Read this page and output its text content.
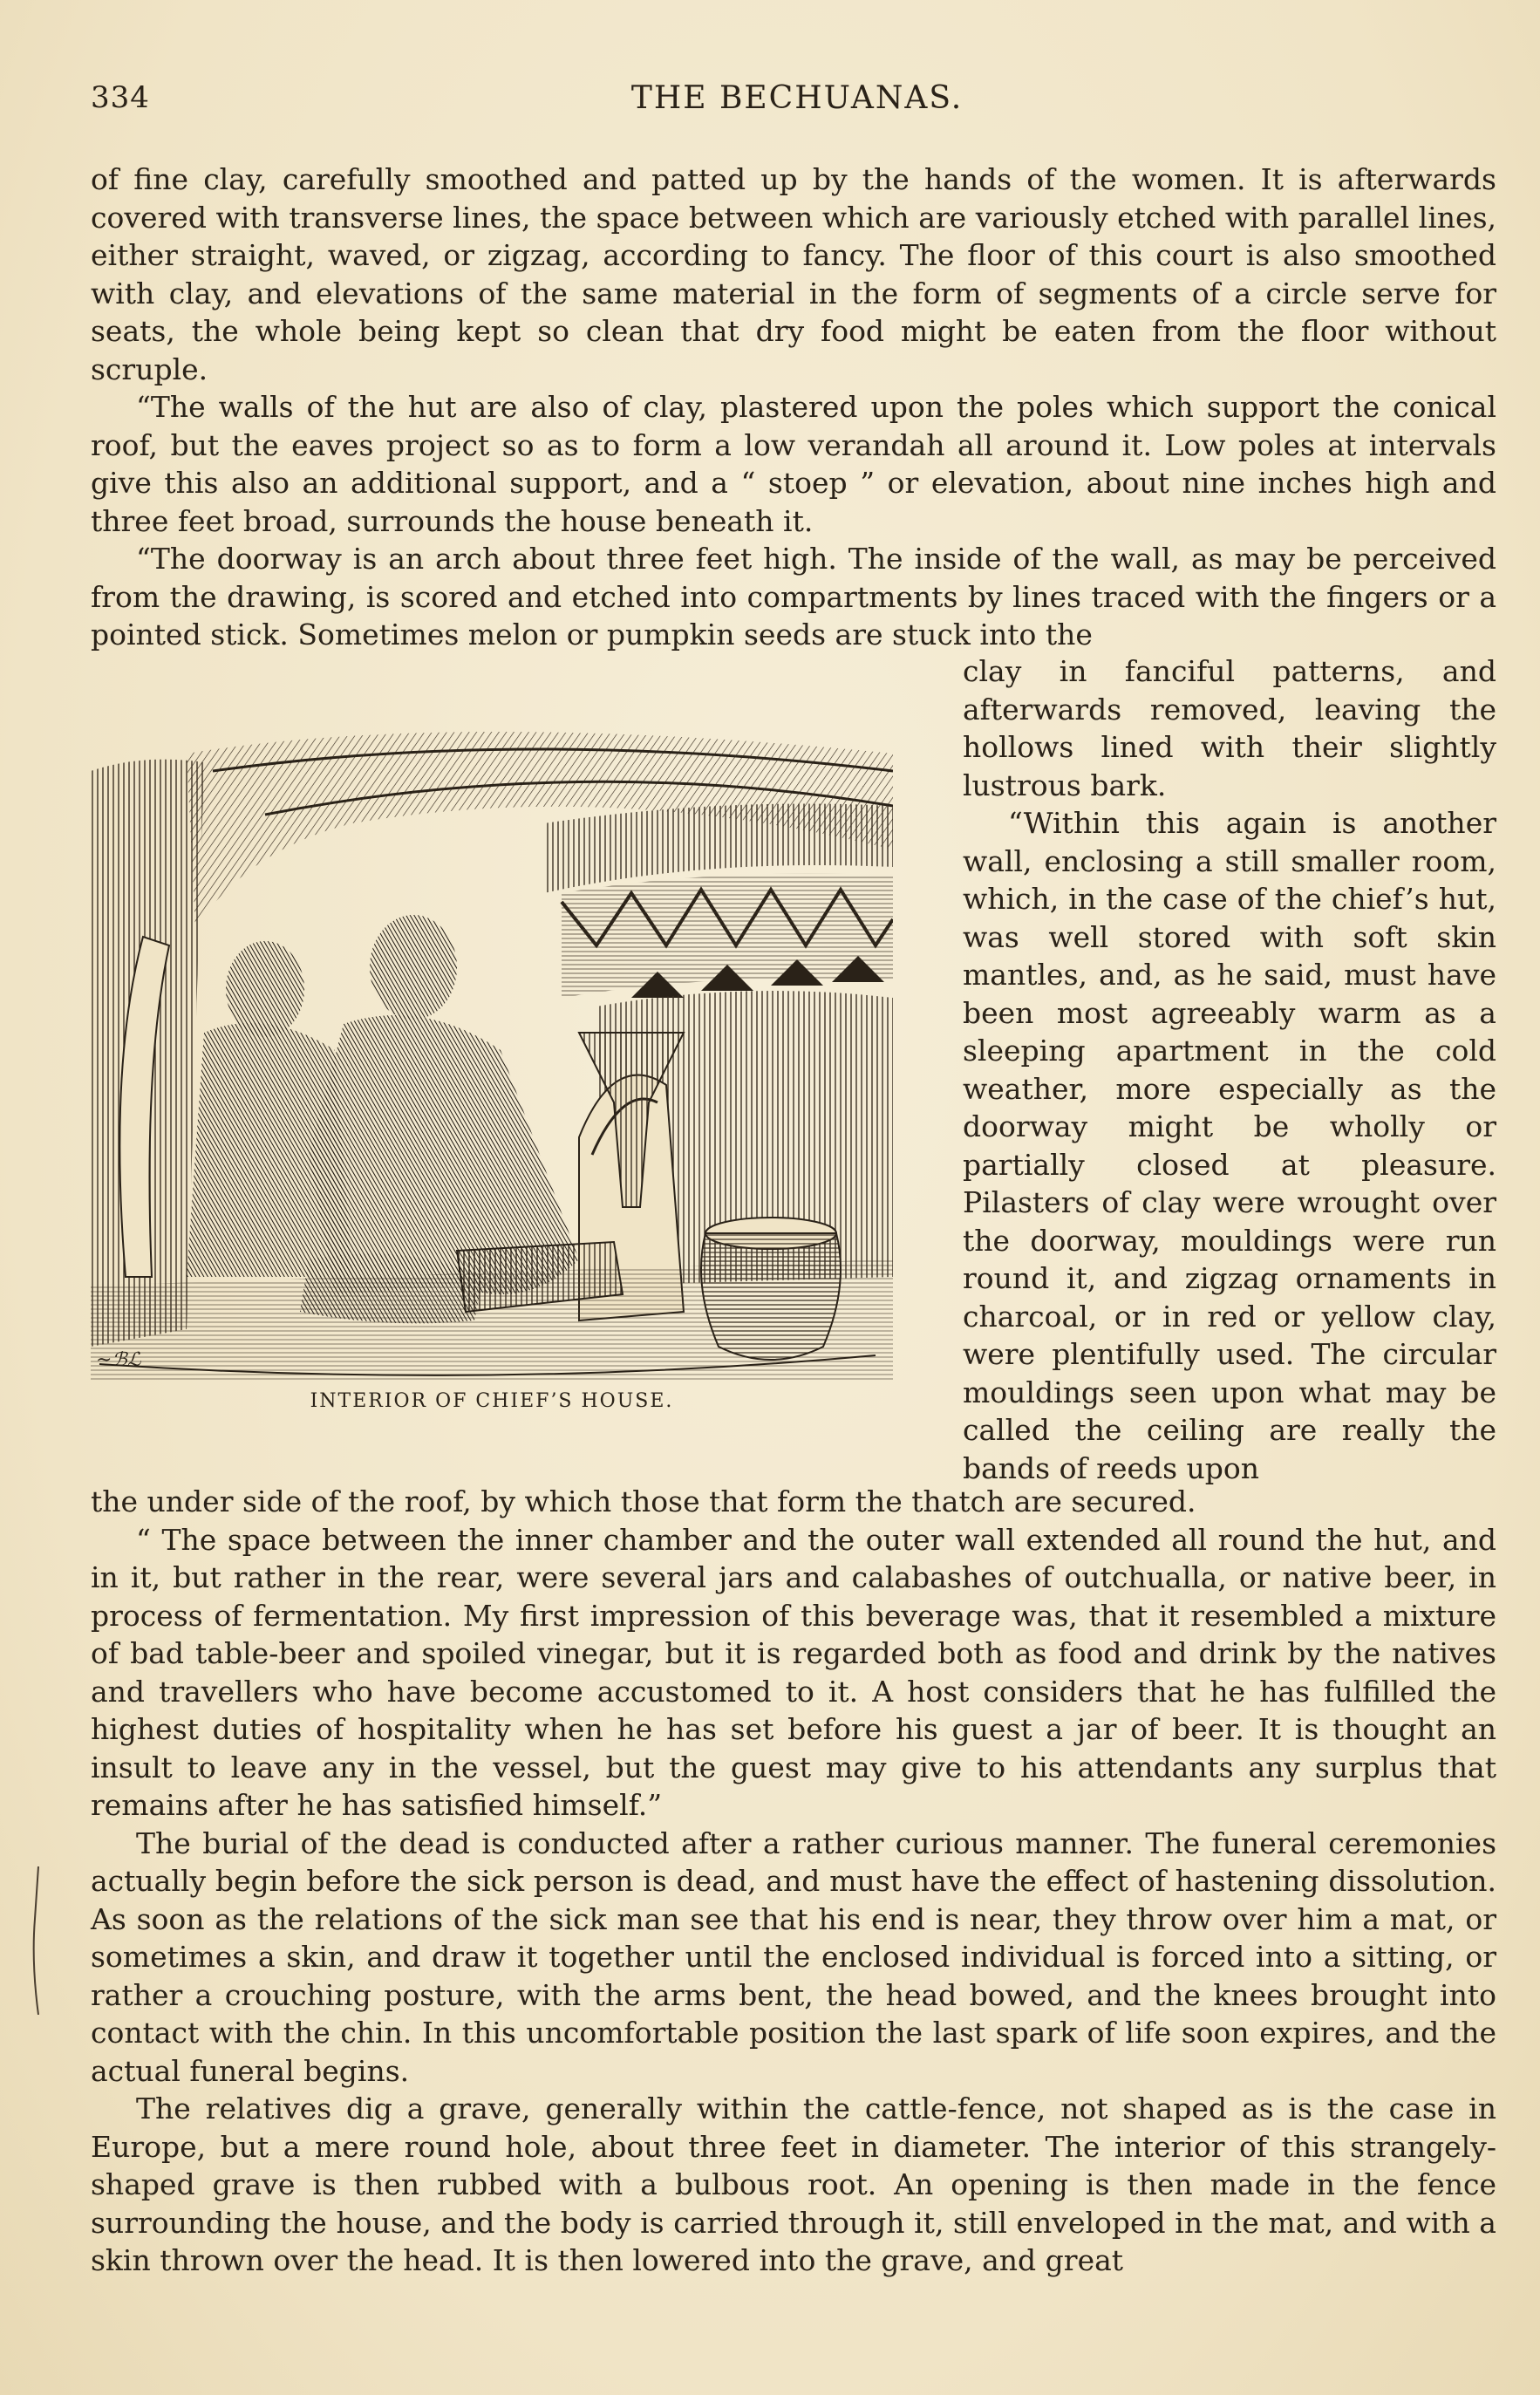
334	THE BECHUANAS.

of fine clay, carefully smoothed and patted up by the hands of the women. It is afterwards covered with transverse lines, the space between which are variously etched with parallel lines, either straight, waved, or zigzag, according to fancy. The floor of this court is also smoothed with clay, and elevations of the same material in the form of segments of a circle serve for seats, the whole being kept so clean that dry food might be eaten from the floor without scruple.

“The walls of the hut are also of clay, plastered upon the poles which support the conical roof, but the eaves project so as to form a low verandah all around it. Low poles at intervals give this also an additional support, and a “ stoep ” or elevation, about nine inches high and three feet broad, surrounds the house beneath it.

“The doorway is an arch about three feet high. The inside of the wall, as may be perceived from the drawing, is scored and etched into compartments by lines traced with the fingers or a pointed stick. Sometimes melon or pumpkin seeds are stuck into the

clay in fanciful patterns, and afterwards removed, leaving the hollows lined with their slightly lustrous bark.

“Within this again is another wall, enclosing a still smaller room, which, in the case of the chief’s hut, was well stored with soft skin mantles, and, as he said, must have been most agreeably warm as a sleeping apartment in the cold weather, more especially as the doorway might be wholly or partially closed at pleasure. Pilasters of clay were wrought over the doorway, mouldings were run round it, and zigzag ornaments in charcoal, or in red or yellow clay, were plentifully used. The circular mouldings seen upon what may be called the ceiling are really the bands of reeds upon

~ℬℒ
INTERIOR OF CHIEF’S HOUSE.

the under side of the roof, by which those that form the thatch are secured.

“ The space between the inner chamber and the outer wall extended all round the hut, and in it, but rather in the rear, were several jars and calabashes of outchualla, or native beer, in process of fermentation. My first impression of this beverage was, that it resembled a mixture of bad table-beer and spoiled vinegar, but it is regarded both as food and drink by the natives and travellers who have become accustomed to it. A host considers that he has fulfilled the highest duties of hospitality when he has set before his guest a jar of beer. It is thought an insult to leave any in the vessel, but the guest may give to his attendants any surplus that remains after he has satisfied himself.”

The burial of the dead is conducted after a rather curious manner. The funeral ceremonies actually begin before the sick person is dead, and must have the effect of hastening dissolution. As soon as the relations of the sick man see that his end is near, they throw over him a mat, or sometimes a skin, and draw it together until the enclosed individual is forced into a sitting, or rather a crouching posture, with the arms bent, the head bowed, and the knees brought into contact with the chin. In this uncomfortable position the last spark of life soon expires, and the actual funeral begins.

The relatives dig a grave, generally within the cattle-fence, not shaped as is the case in Europe, but a mere round hole, about three feet in diameter. The interior of this strangely-shaped grave is then rubbed with a bulbous root. An opening is then made in the fence surrounding the house, and the body is carried through it, still enveloped in the mat, and with a skin thrown over the head. It is then lowered into the grave, and great
